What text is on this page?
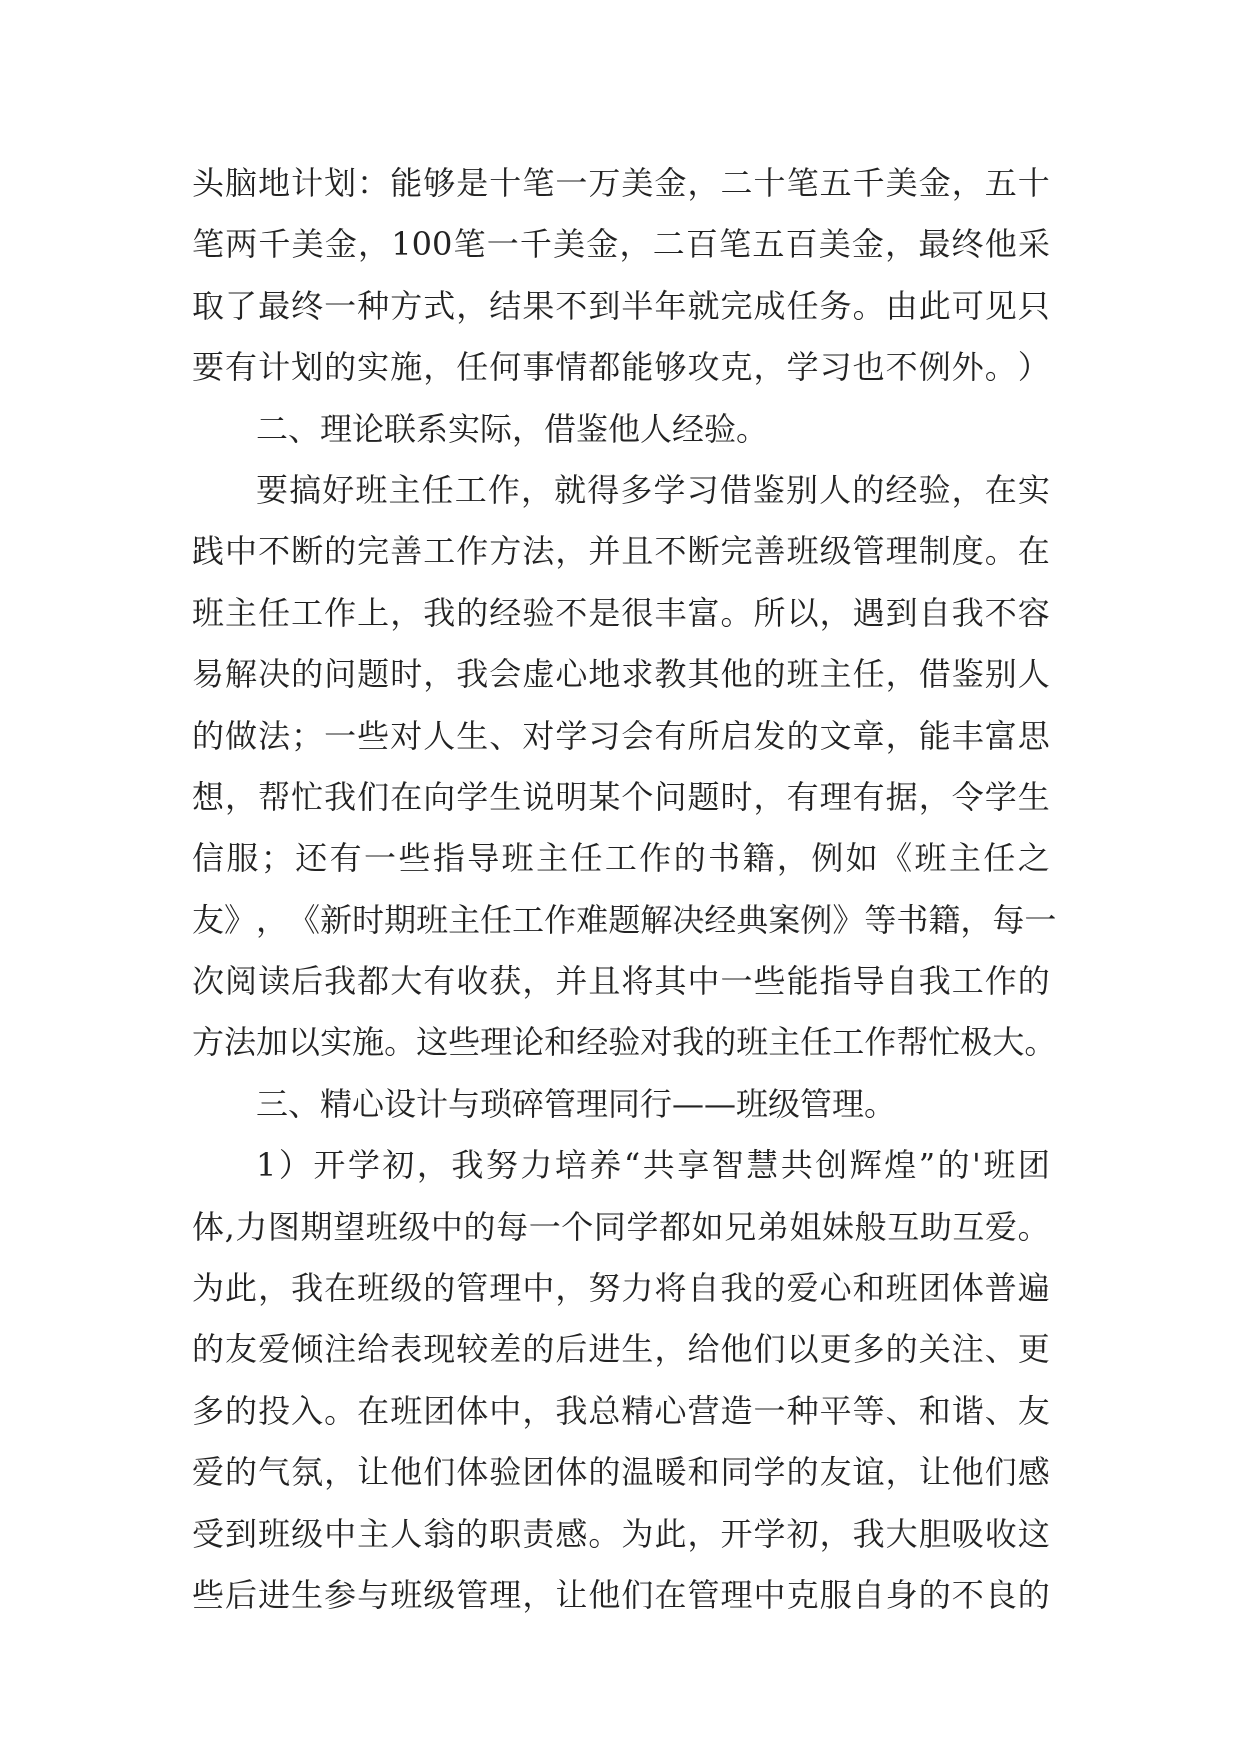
头 脑 地 计 划 ： 能 够 是 十 笔 一 万 美 金 ， 二 十 笔 五 千 美 金 ， 五 十
笔 两 千 美 金 ， 100 笔 一 千 美 金 ， 二 百 笔 五 百 美 金 ， 最 终 他 采
取 了 最 终 一 种 方 式 ， 结 果 不 到 半 年 就 完 成 任 务 。 由 此 可 见 只
要 有 计 划 的 实 施 ， 任 何 事 情 都 能 够 攻 克 ， 学 习 也 不 例 外 。 ）
二、理论联系实际，借鉴他人经验。
要 搞 好 班 主 任 工 作 ， 就 得 多 学 习 借 鉴 别 人 的 经 验 ， 在 实
践 中 不 断 的 完 善 工 作 方 法 ， 并 且 不 断 完 善 班 级 管 理 制 度 。 在
班 主 任 工 作 上 ， 我 的 经 验 不 是 很 丰 富 。 所 以 ， 遇 到 自 我 不 容
易 解 决 的 问 题 时 ， 我 会 虚 心 地 求 教 其 他 的 班 主 任 ， 借 鉴 别 人
的 做 法 ； 一 些 对 人 生 、 对 学 习 会 有 所 启 发 的 文 章 ， 能 丰 富 思
想 ， 帮 忙 我 们 在 向 学 生 说 明 某 个 问 题 时 ， 有 理 有 据 ， 令 学 生
信 服 ； 还 有 一 些 指 导 班 主 任 工 作 的 书 籍 ， 例 如 《 班 主 任 之
友 》 ， 《 新 时 期 班 主 任 工 作 难 题 解 决 经 典 案 例 》 等 书 籍 ， 每 一
次 阅 读 后 我 都 大 有 收 获 ， 并 且 将 其 中 一 些 能 指 导 自 我 工 作 的
方 法 加 以 实 施 。 这 些 理 论 和 经 验 对 我 的 班 主 任 工 作 帮 忙 极 大 。
三、精心设计与琐碎管理同行——班级管理。
1 ） 开 学 初 ， 我 努 力 培 养 “ 共 享 智 慧 共 创 辉 煌 ” 的 ' 班 团
体 , 力 图 期 望 班 级 中 的 每 一 个 同 学 都 如 兄 弟 姐 妹 般 互 助 互 爱 。
为 此 ， 我 在 班 级 的 管 理 中 ， 努 力 将 自 我 的 爱 心 和 班 团 体 普 遍
的 友 爱 倾 注 给 表 现 较 差 的 后 进 生 ， 给 他 们 以 更 多 的 关 注 、 更
多 的 投 入 。 在 班 团 体 中 ， 我 总 精 心 营 造 一 种 平 等 、 和 谐 、 友
爱 的 气 氛 ， 让 他 们 体 验 团 体 的 温 暖 和 同 学 的 友 谊 ， 让 他 们 感
受 到 班 级 中 主 人 翁 的 职 责 感 。 为 此 ， 开 学 初 ， 我 大 胆 吸 收 这
些 后 进 生 参 与 班 级 管 理 ， 让 他 们 在 管 理 中 克 服 自 身 的 不 良 的
